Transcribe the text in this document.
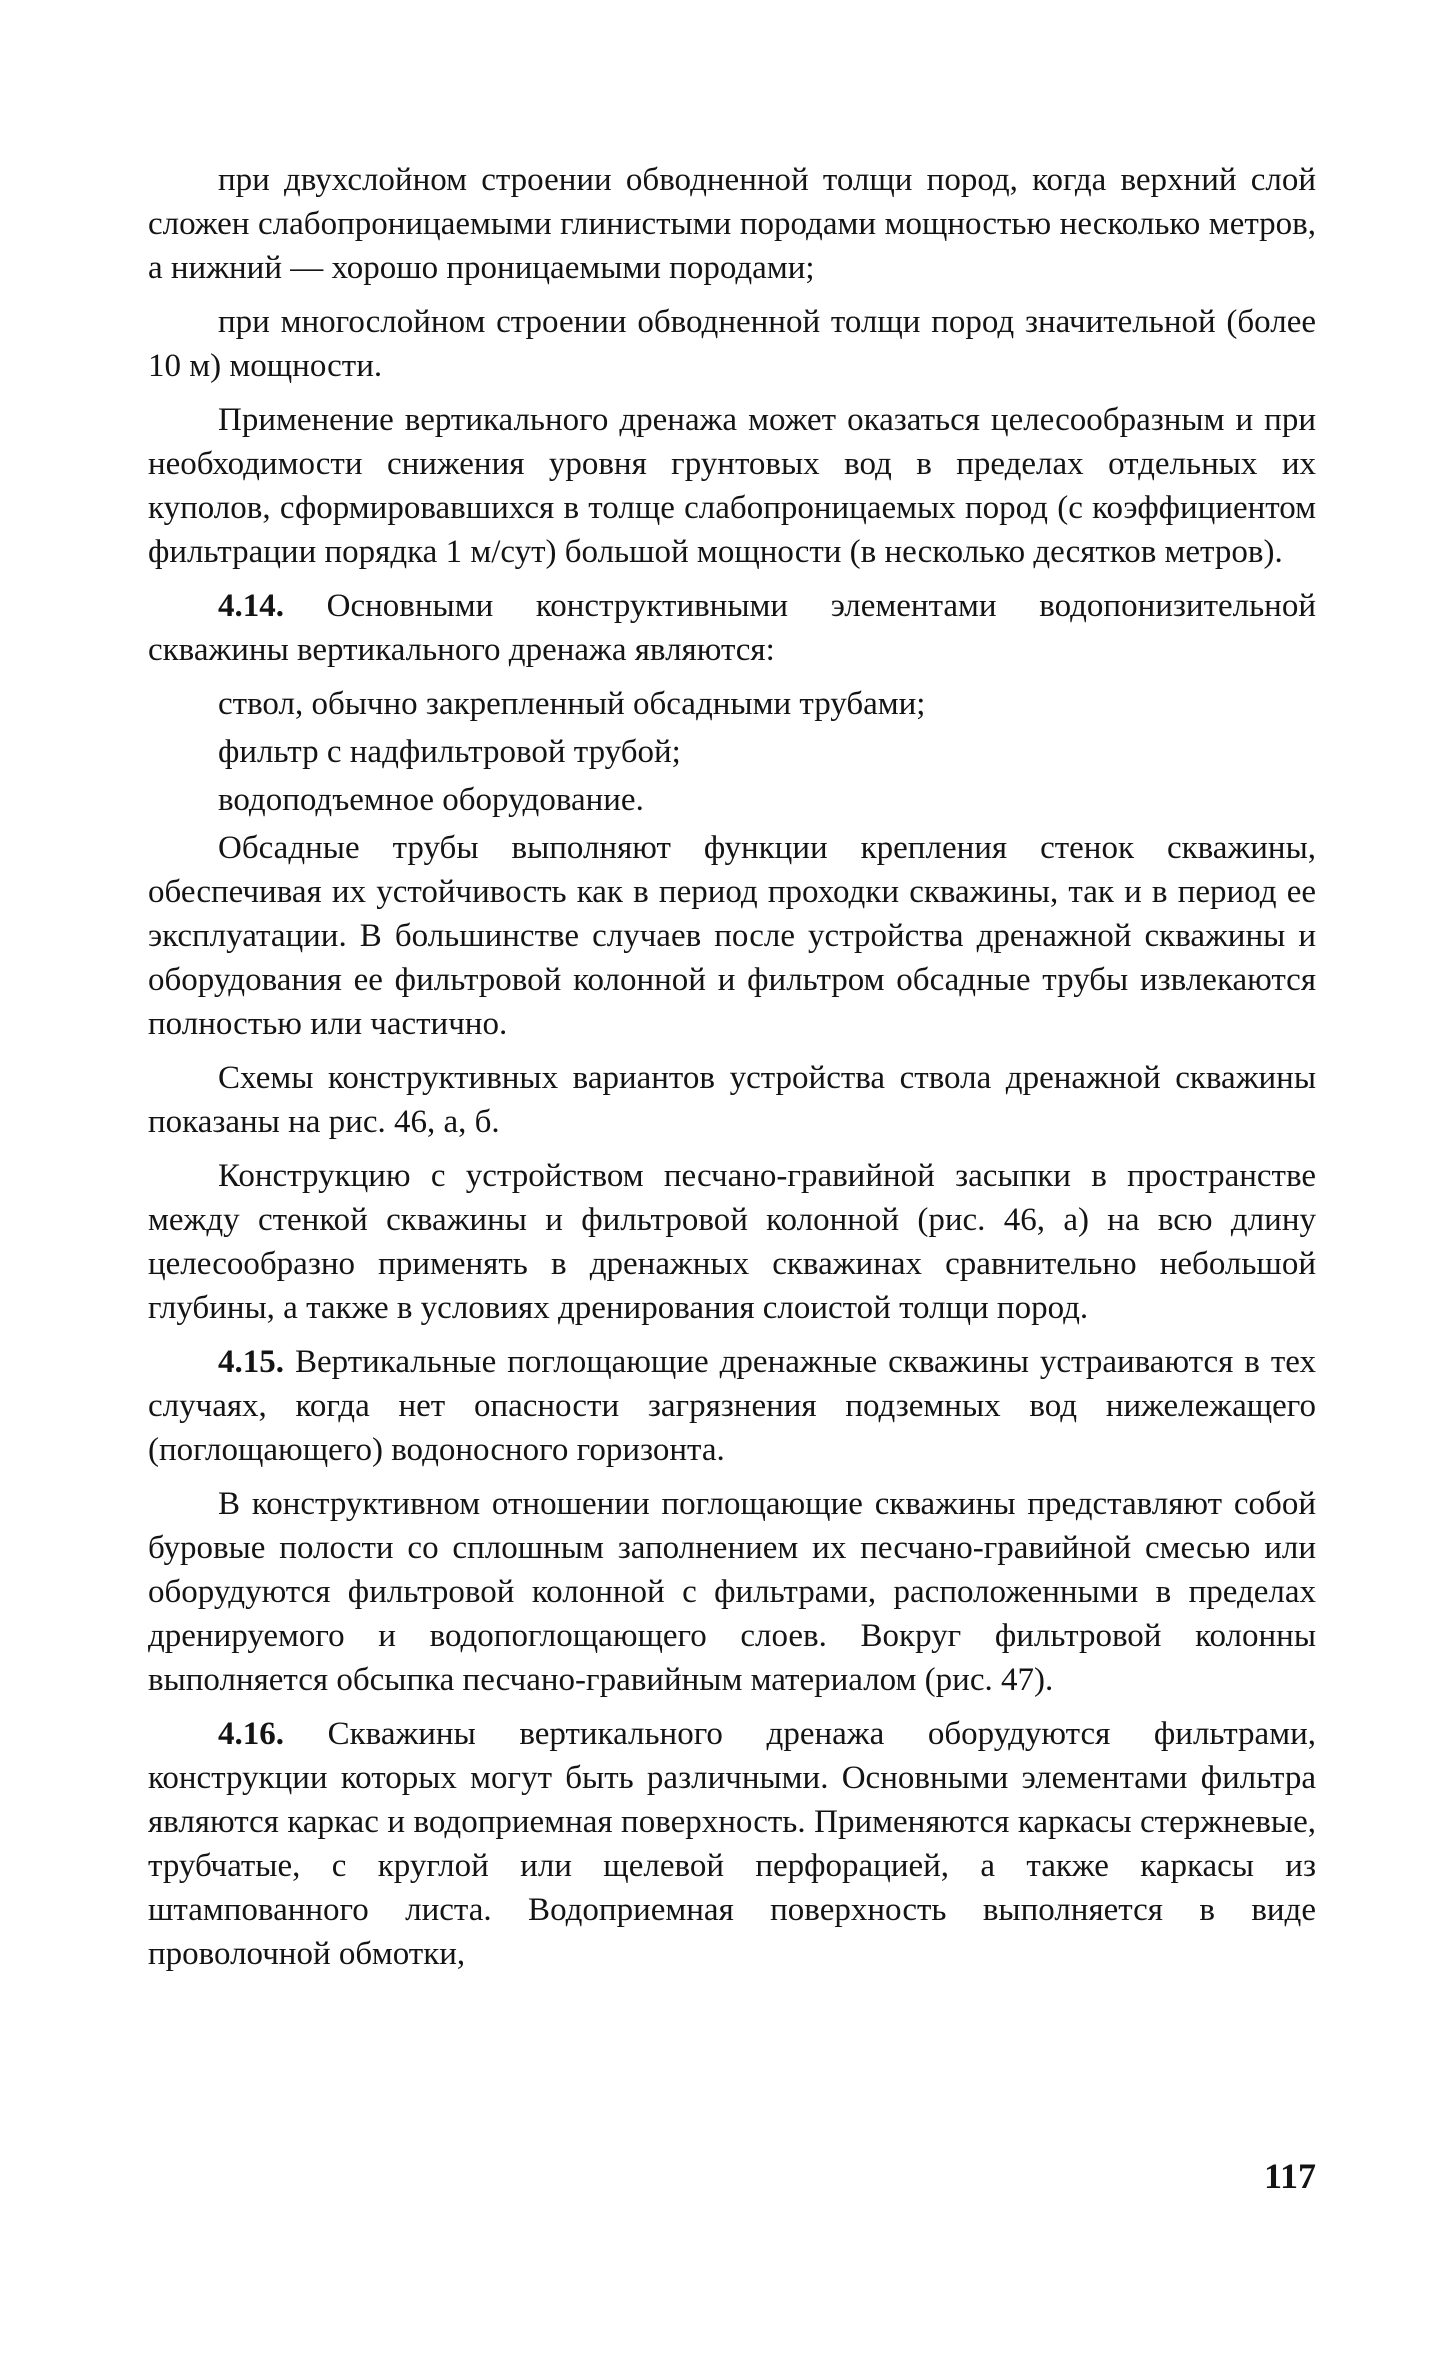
при двухслойном строении обводненной толщи пород, когда верхний слой сложен слабопроницаемыми глинистыми породами мощностью несколько метров, а нижний — хорошо проницаемыми породами;

при многослойном строении обводненной толщи пород значительной (более 10 м) мощности.

Применение вертикального дренажа может оказаться целесообразным и при необходимости снижения уровня грунтовых вод в пределах отдельных их куполов, сформировавшихся в толще слабопроницаемых пород (с коэффициентом фильтрации порядка 1 м/сут) большой мощности (в несколько десятков метров).

4.14. Основными конструктивными элементами водопонизительной скважины вертикального дренажа являются:

ствол, обычно закрепленный обсадными трубами;

фильтр с надфильтровой трубой;

водоподъемное оборудование.

Обсадные трубы выполняют функции крепления стенок скважины, обеспечивая их устойчивость как в период проходки скважины, так и в период ее эксплуатации. В большинстве случаев после устройства дренажной скважины и оборудования ее фильтровой колонной и фильтром обсадные трубы извлекаются полностью или частично.

Схемы конструктивных вариантов устройства ствола дренажной скважины показаны на рис. 46, а, б.

Конструкцию с устройством песчано-гравийной засыпки в пространстве между стенкой скважины и фильтровой колонной (рис. 46, а) на всю длину целесообразно применять в дренажных скважинах сравнительно небольшой глубины, а также в условиях дренирования слоистой толщи пород.

4.15. Вертикальные поглощающие дренажные скважины устраиваются в тех случаях, когда нет опасности загрязнения подземных вод нижележащего (поглощающего) водоносного горизонта.

В конструктивном отношении поглощающие скважины представляют собой буровые полости со сплошным заполнением их песчано-гравийной смесью или оборудуются фильтровой колонной с фильтрами, расположенными в пределах дренируемого и водопоглощающего слоев. Вокруг фильтровой колонны выполняется обсыпка песчано-гравийным материалом (рис. 47).

4.16. Скважины вертикального дренажа оборудуются фильтрами, конструкции которых могут быть различными. Основными элементами фильтра являются каркас и водоприемная поверхность. Применяются каркасы стержневые, трубчатые, с круглой или щелевой перфорацией, а также каркасы из штампованного листа. Водоприемная поверхность выполняется в виде проволочной обмотки,

117
